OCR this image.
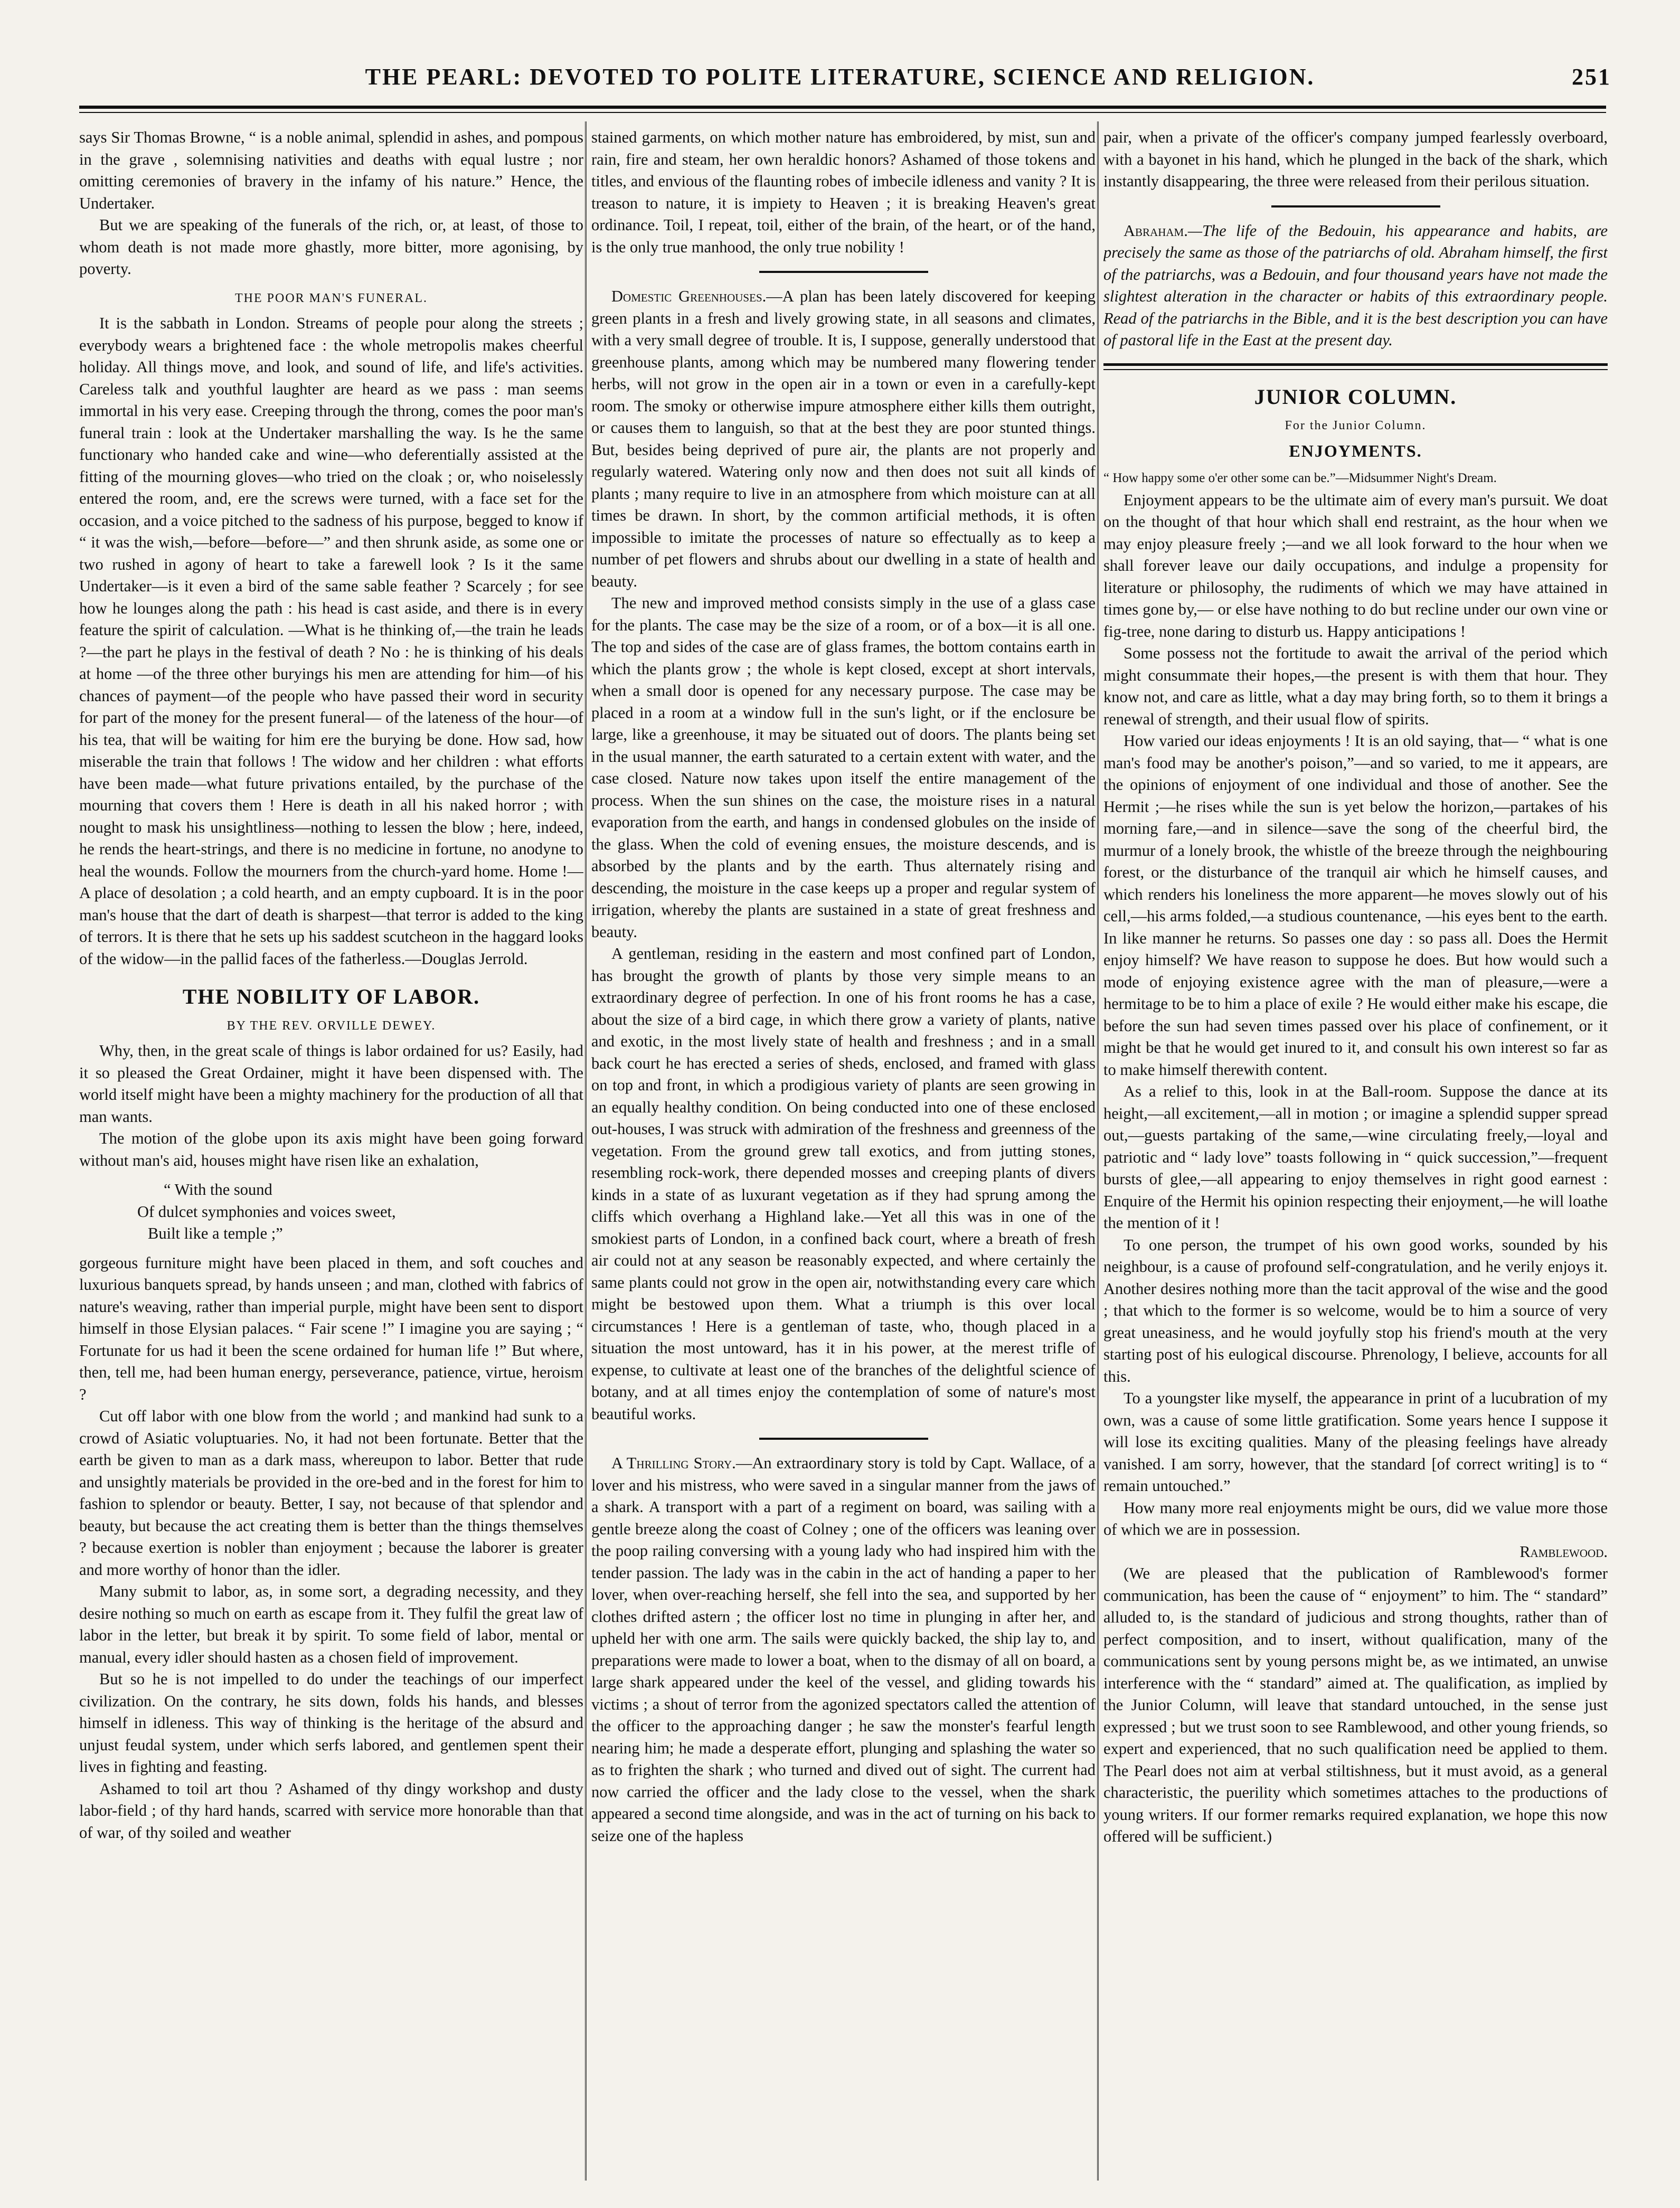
THE PEARL: DEVOTED TO POLITE LITERATURE, SCIENCE AND RELIGION.	251

says Sir Thomas Browne, “ is a noble animal, splendid in ashes, and pompous in the grave , solemnising nativities and deaths with equal lustre ; nor omitting ceremonies of bravery in the infamy of his nature.” Hence, the Undertaker.

But we are speaking of the funerals of the rich, or, at least, of those to whom death is not made more ghastly, more bitter, more agonising, by poverty.

THE POOR MAN'S FUNERAL.

It is the sabbath in London. Streams of people pour along the streets ; everybody wears a brightened face : the whole metropolis makes cheerful holiday. All things move, and look, and sound of life, and life's activities. Careless talk and youthful laughter are heard as we pass : man seems immortal in his very ease. Creeping through the throng, comes the poor man's funeral train : look at the Undertaker marshalling the way. Is he the same functionary who handed cake and wine—who deferentially assisted at the fitting of the mourning gloves—who tried on the cloak ; or, who noiselessly entered the room, and, ere the screws were turned, with a face set for the occasion, and a voice pitched to the sadness of his purpose, begged to know if “ it was the wish,—before—before—” and then shrunk aside, as some one or two rushed in agony of heart to take a farewell look ? Is it the same Undertaker—is it even a bird of the same sable feather ? Scarcely ; for see how he lounges along the path : his head is cast aside, and there is in every feature the spirit of calculation. —What is he thinking of,—the train he leads ?—the part he plays in the festival of death ? No : he is thinking of his deals at home —of the three other buryings his men are attending for him—of his chances of payment—of the people who have passed their word in security for part of the money for the present funeral— of the lateness of the hour—of his tea, that will be waiting for him ere the burying be done. How sad, how miserable the train that follows ! The widow and her children : what efforts have been made—what future privations entailed, by the purchase of the mourning that covers them ! Here is death in all his naked horror ; with nought to mask his unsightliness—nothing to lessen the blow ; here, indeed, he rends the heart-strings, and there is no medicine in fortune, no anodyne to heal the wounds. Follow the mourners from the church-yard home. Home !—A place of desolation ; a cold hearth, and an empty cupboard. It is in the poor man's house that the dart of death is sharpest—that terror is added to the king of terrors. It is there that he sets up his saddest scutcheon in the haggard looks of the widow—in the pallid faces of the fatherless.—Douglas Jerrold.

THE NOBILITY OF LABOR.
BY THE REV. ORVILLE DEWEY.

Why, then, in the great scale of things is labor ordained for us? Easily, had it so pleased the Great Ordainer, might it have been dispensed with. The world itself might have been a mighty machinery for the production of all that man wants.

The motion of the globe upon its axis might have been going forward without man's aid, houses might have risen like an exhalation,

“ With the sound

Of dulcet symphonies and voices sweet,

Built like a temple ;”

gorgeous furniture might have been placed in them, and soft couches and luxurious banquets spread, by hands unseen ; and man, clothed with fabrics of nature's weaving, rather than imperial purple, might have been sent to disport himself in those Elysian palaces. “ Fair scene !” I imagine you are saying ; “ Fortunate for us had it been the scene ordained for human life !” But where, then, tell me, had been human energy, perseverance, patience, virtue, heroism ?

Cut off labor with one blow from the world ; and mankind had sunk to a crowd of Asiatic voluptuaries. No, it had not been fortunate. Better that the earth be given to man as a dark mass, whereupon to labor. Better that rude and unsightly materials be provided in the ore-bed and in the forest for him to fashion to splendor or beauty. Better, I say, not because of that splendor and beauty, but because the act creating them is better than the things themselves ? because exertion is nobler than enjoyment ; because the laborer is greater and more worthy of honor than the idler.

Many submit to labor, as, in some sort, a degrading necessity, and they desire nothing so much on earth as escape from it. They fulfil the great law of labor in the letter, but break it by spirit. To some field of labor, mental or manual, every idler should hasten as a chosen field of improvement.

But so he is not impelled to do under the teachings of our imperfect civilization. On the contrary, he sits down, folds his hands, and blesses himself in idleness. This way of thinking is the heritage of the absurd and unjust feudal system, under which serfs labored, and gentlemen spent their lives in fighting and feasting.

Ashamed to toil art thou ? Ashamed of thy dingy workshop and dusty labor-field ; of thy hard hands, scarred with service more honorable than that of war, of thy soiled and weather

stained garments, on which mother nature has embroidered, by mist, sun and rain, fire and steam, her own heraldic honors? Ashamed of those tokens and titles, and envious of the flaunting robes of imbecile idleness and vanity ? It is treason to nature, it is impiety to Heaven ; it is breaking Heaven's great ordinance. Toil, I repeat, toil, either of the brain, of the heart, or of the hand, is the only true manhood, the only true nobility !

Domestic Greenhouses.—A plan has been lately discovered for keeping green plants in a fresh and lively growing state, in all seasons and climates, with a very small degree of trouble. It is, I suppose, generally understood that greenhouse plants, among which may be numbered many flowering tender herbs, will not grow in the open air in a town or even in a carefully-kept room. The smoky or otherwise impure atmosphere either kills them outright, or causes them to languish, so that at the best they are poor stunted things. But, besides being deprived of pure air, the plants are not properly and regularly watered. Watering only now and then does not suit all kinds of plants ; many require to live in an atmosphere from which moisture can at all times be drawn. In short, by the common artificial methods, it is often impossible to imitate the processes of nature so effectually as to keep a number of pet flowers and shrubs about our dwelling in a state of health and beauty.

The new and improved method consists simply in the use of a glass case for the plants. The case may be the size of a room, or of a box—it is all one. The top and sides of the case are of glass frames, the bottom contains earth in which the plants grow ; the whole is kept closed, except at short intervals, when a small door is opened for any necessary purpose. The case may be placed in a room at a window full in the sun's light, or if the enclosure be large, like a greenhouse, it may be situated out of doors. The plants being set in the usual manner, the earth saturated to a certain extent with water, and the case closed. Nature now takes upon itself the entire management of the process. When the sun shines on the case, the moisture rises in a natural evaporation from the earth, and hangs in condensed globules on the inside of the glass. When the cold of evening ensues, the moisture descends, and is absorbed by the plants and by the earth. Thus alternately rising and descending, the moisture in the case keeps up a proper and regular system of irrigation, whereby the plants are sustained in a state of great freshness and beauty.

A gentleman, residing in the eastern and most confined part of London, has brought the growth of plants by those very simple means to an extraordinary degree of perfection. In one of his front rooms he has a case, about the size of a bird cage, in which there grow a variety of plants, native and exotic, in the most lively state of health and freshness ; and in a small back court he has erected a series of sheds, enclosed, and framed with glass on top and front, in which a prodigious variety of plants are seen growing in an equally healthy condition. On being conducted into one of these enclosed out-houses, I was struck with admiration of the freshness and greenness of the vegetation. From the ground grew tall exotics, and from jutting stones, resembling rock-work, there depended mosses and creeping plants of divers kinds in a state of as luxurant vegetation as if they had sprung among the cliffs which overhang a Highland lake.—Yet all this was in one of the smokiest parts of London, in a confined back court, where a breath of fresh air could not at any season be reasonably expected, and where certainly the same plants could not grow in the open air, notwithstanding every care which might be bestowed upon them. What a triumph is this over local circumstances ! Here is a gentleman of taste, who, though placed in a situation the most untoward, has it in his power, at the merest trifle of expense, to cultivate at least one of the branches of the delightful science of botany, and at all times enjoy the contemplation of some of nature's most beautiful works.

A Thrilling Story.—An extraordinary story is told by Capt. Wallace, of a lover and his mistress, who were saved in a singular manner from the jaws of a shark. A transport with a part of a regiment on board, was sailing with a gentle breeze along the coast of Colney ; one of the officers was leaning over the poop railing conversing with a young lady who had inspired him with the tender passion. The lady was in the cabin in the act of handing a paper to her lover, when over-reaching herself, she fell into the sea, and supported by her clothes drifted astern ; the officer lost no time in plunging in after her, and upheld her with one arm. The sails were quickly backed, the ship lay to, and preparations were made to lower a boat, when to the dismay of all on board, a large shark appeared under the keel of the vessel, and gliding towards his victims ; a shout of terror from the agonized spectators called the attention of the officer to the approaching danger ; he saw the monster's fearful length nearing him; he made a desperate effort, plunging and splashing the water so as to frighten the shark ; who turned and dived out of sight. The current had now carried the officer and the lady close to the vessel, when the shark appeared a second time alongside, and was in the act of turning on his back to seize one of the hapless

pair, when a private of the officer's company jumped fearlessly overboard, with a bayonet in his hand, which he plunged in the back of the shark, which instantly disappearing, the three were released from their perilous situation.

Abraham.—The life of the Bedouin, his appearance and habits, are precisely the same as those of the patriarchs of old. Abraham himself, the first of the patriarchs, was a Bedouin, and four thousand years have not made the slightest alteration in the character or habits of this extraordinary people. Read of the patriarchs in the Bible, and it is the best description you can have of pastoral life in the East at the present day.

JUNIOR COLUMN.
For the Junior Column.
ENJOYMENTS.

“ How happy some o'er other some can be.”—Midsummer Night's Dream.

Enjoyment appears to be the ultimate aim of every man's pursuit. We doat on the thought of that hour which shall end restraint, as the hour when we may enjoy pleasure freely ;—and we all look forward to the hour when we shall forever leave our daily occupations, and indulge a propensity for literature or philosophy, the rudiments of which we may have attained in times gone by,— or else have nothing to do but recline under our own vine or fig-tree, none daring to disturb us. Happy anticipations !

Some possess not the fortitude to await the arrival of the period which might consummate their hopes,—the present is with them that hour. They know not, and care as little, what a day may bring forth, so to them it brings a renewal of strength, and their usual flow of spirits.

How varied our ideas enjoyments ! It is an old saying, that— “ what is one man's food may be another's poison,”—and so varied, to me it appears, are the opinions of enjoyment of one individual and those of another. See the Hermit ;—he rises while the sun is yet below the horizon,—partakes of his morning fare,—and in silence—save the song of the cheerful bird, the murmur of a lonely brook, the whistle of the breeze through the neighbouring forest, or the disturbance of the tranquil air which he himself causes, and which renders his loneliness the more apparent—he moves slowly out of his cell,—his arms folded,—a studious countenance, —his eyes bent to the earth. In like manner he returns. So passes one day : so pass all. Does the Hermit enjoy himself? We have reason to suppose he does. But how would such a mode of enjoying existence agree with the man of pleasure,—were a hermitage to be to him a place of exile ? He would either make his escape, die before the sun had seven times passed over his place of confinement, or it might be that he would get inured to it, and consult his own interest so far as to make himself therewith content.

As a relief to this, look in at the Ball-room. Suppose the dance at its height,—all excitement,—all in motion ; or imagine a splendid supper spread out,—guests partaking of the same,—wine circulating freely,—loyal and patriotic and “ lady love” toasts following in “ quick succession,”—frequent bursts of glee,—all appearing to enjoy themselves in right good earnest : Enquire of the Hermit his opinion respecting their enjoyment,—he will loathe the mention of it !

To one person, the trumpet of his own good works, sounded by his neighbour, is a cause of profound self-congratulation, and he verily enjoys it. Another desires nothing more than the tacit approval of the wise and the good ; that which to the former is so welcome, would be to him a source of very great uneasiness, and he would joyfully stop his friend's mouth at the very starting post of his eulogical discourse. Phrenology, I believe, accounts for all this.

To a youngster like myself, the appearance in print of a lucubration of my own, was a cause of some little gratification. Some years hence I suppose it will lose its exciting qualities. Many of the pleasing feelings have already vanished. I am sorry, however, that the standard [of correct writing] is to “ remain untouched.”

How many more real enjoyments might be ours, did we value more those of which we are in possession.

Ramblewood.

(We are pleased that the publication of Ramblewood's former communication, has been the cause of “ enjoyment” to him. The “ standard” alluded to, is the standard of judicious and strong thoughts, rather than of perfect composition, and to insert, without qualification, many of the communications sent by young persons might be, as we intimated, an unwise interference with the “ standard” aimed at. The qualification, as implied by the Junior Column, will leave that standard untouched, in the sense just expressed ; but we trust soon to see Ramblewood, and other young friends, so expert and experienced, that no such qualification need be applied to them. The Pearl does not aim at verbal stiltishness, but it must avoid, as a general characteristic, the puerility which sometimes attaches to the productions of young writers. If our former remarks required explanation, we hope this now offered will be sufficient.)
